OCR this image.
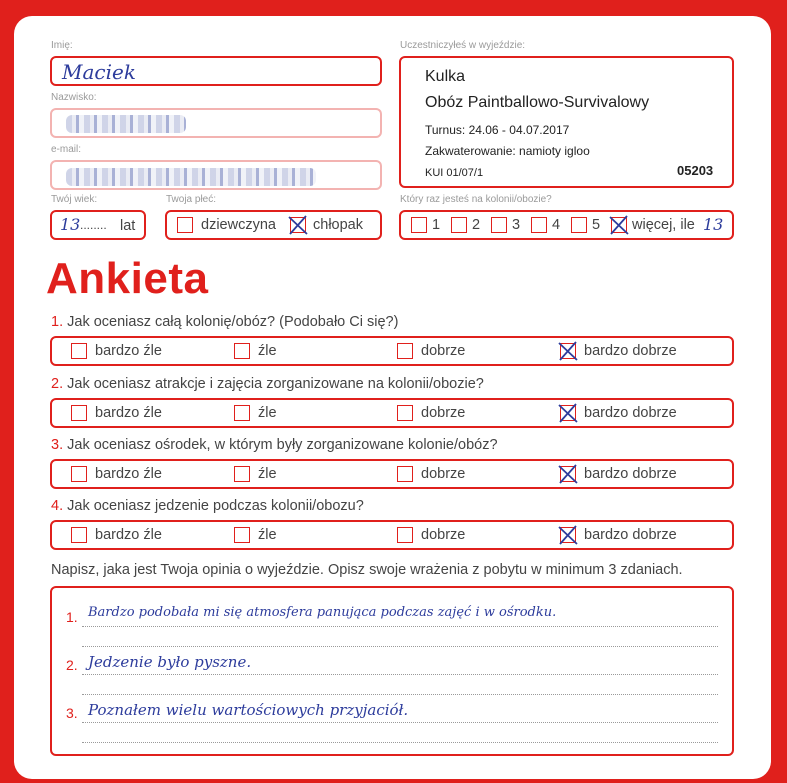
Imię:
Maciek
Nazwisko:
e-mail:
Twój wiek:
13 ........ lat
Twoja płeć:
dziewczyna	chłopak
Uczestniczyłeś w wyjeździe:
Kulka
Obóz Paintballowo-Survivalowy
Turnus: 24.06 - 04.07.2017
Zakwaterowanie: namioty igloo
KUI 01/07/1	05203
Który raz jesteś na kolonii/obozie?
1 2 3 4 5 więcej, ile 13
Ankieta
1. Jak oceniasz całą kolonię/obóz? (Podobało Ci się?)
bardzo źle	źle	dobrze	bardzo dobrze
2. Jak oceniasz atrakcje i zajęcia zorganizowane na kolonii/obozie?
bardzo źle	źle	dobrze	bardzo dobrze
3. Jak oceniasz ośrodek, w którym były zorganizowane kolonie/obóz?
bardzo źle	źle	dobrze	bardzo dobrze
4. Jak oceniasz jedzenie podczas kolonii/obozu?
bardzo źle	źle	dobrze	bardzo dobrze
Napisz, jaka jest Twoja opinia o wyjeździe. Opisz swoje wrażenia z pobytu w minimum 3 zdaniach.
1. Bardzo podobała mi się atmosfera panująca podczas zajęć i w ośrodku.
2. Jedzenie było pyszne.
3. Poznałem wielu wartościowych przyjaciół.
